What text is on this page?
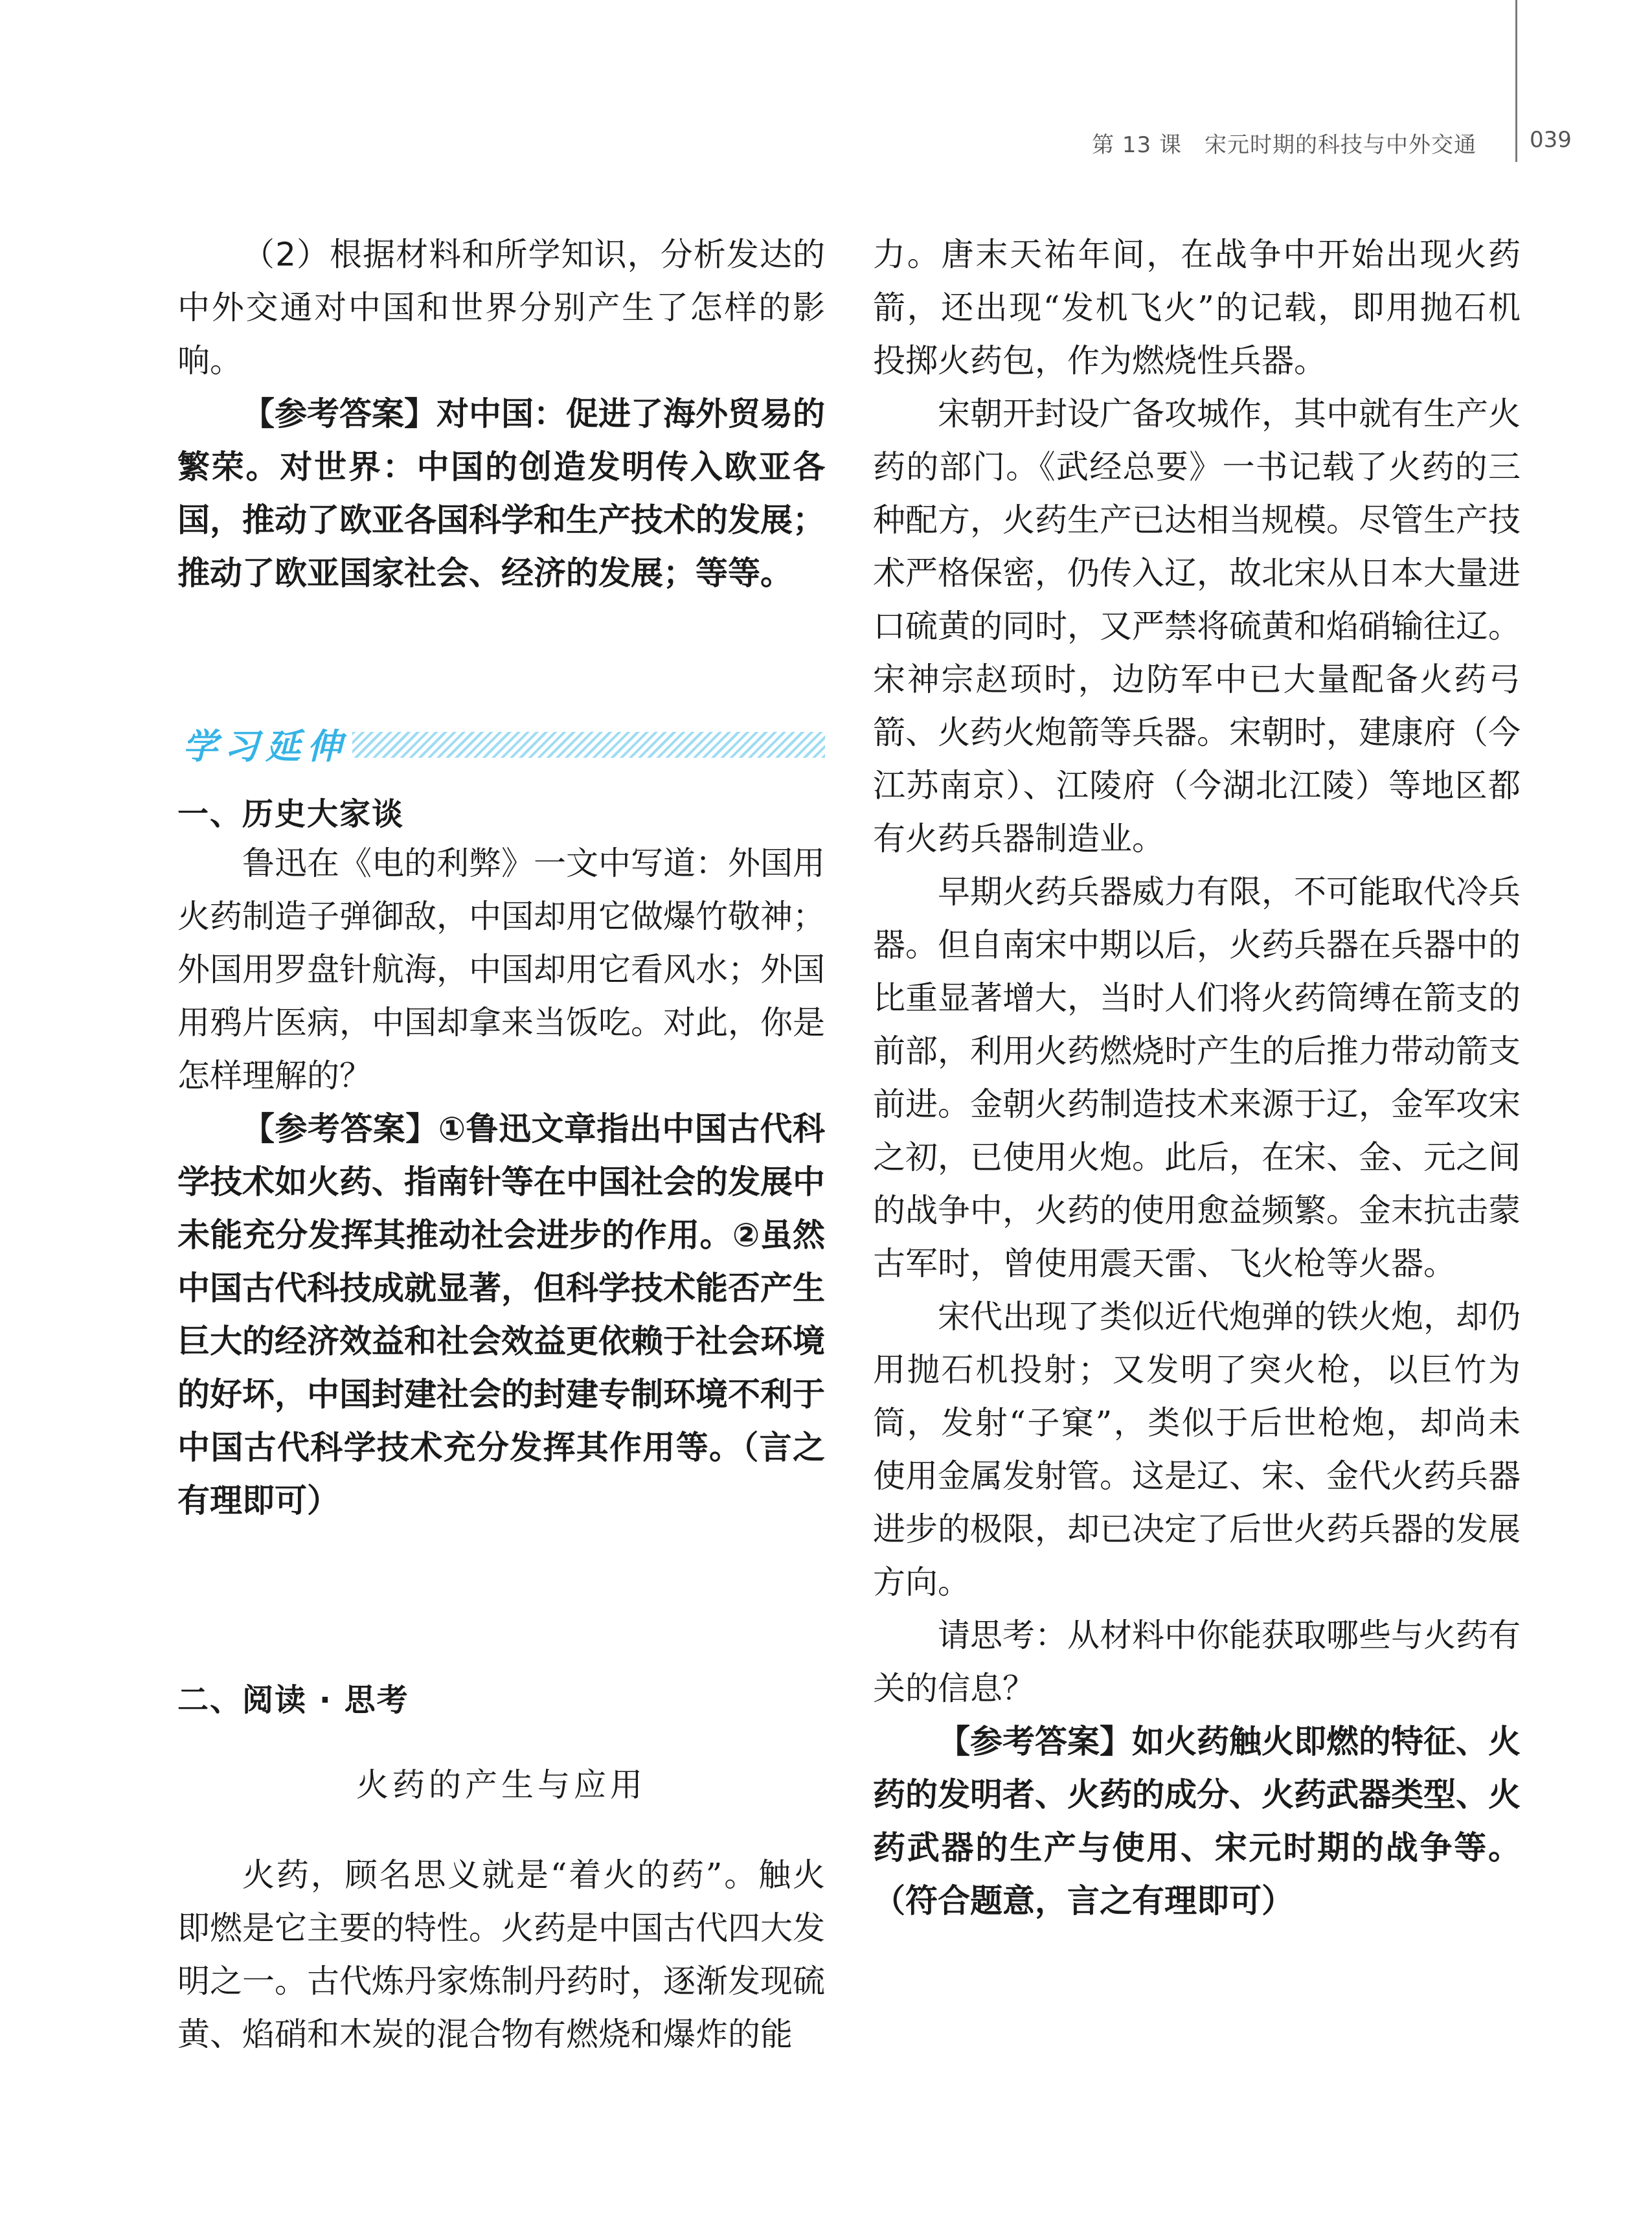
第 13 课　宋元时期的科技与中外交通 039

（2）根据材料和所学知识，分析发达的中外交通对中国和世界分别产生了怎样的影响。

【参考答案】对中国：促进了海外贸易的繁荣。对世界：中国的创造发明传入欧亚各国，推动了欧亚各国科学和生产技术的发展；推动了欧亚国家社会、经济的发展；等等。

学习延伸
一、历史大家谈

鲁迅在《电的利弊》一文中写道：外国用火药制造子弹御敌，中国却用它做爆竹敬神；外国用罗盘针航海，中国却用它看风水；外国用鸦片医病，中国却拿来当饭吃。对此，你是怎样理解的？

【参考答案】①鲁迅文章指出中国古代科学技术如火药、指南针等在中国社会的发展中未能充分发挥其推动社会进步的作用。②虽然中国古代科技成就显著，但科学技术能否产生巨大的经济效益和社会效益更依赖于社会环境的好坏，中国封建社会的封建专制环境不利于中国古代科学技术充分发挥其作用等。（言之有理即可）

二、阅读 · 思考
火药的产生与应用

火药，顾名思义就是“着火的药”。触火即燃是它主要的特性。火药是中国古代四大发明之一。古代炼丹家炼制丹药时，逐渐发现硫黄、焰硝和木炭的混合物有燃烧和爆炸的能

力。唐末天祐年间，在战争中开始出现火药箭，还出现“发机飞火”的记载，即用抛石机投掷火药包，作为燃烧性兵器。

宋朝开封设广备攻城作，其中就有生产火药的部门。《武经总要》一书记载了火药的三种配方，火药生产已达相当规模。尽管生产技术严格保密，仍传入辽，故北宋从日本大量进口硫黄的同时，又严禁将硫黄和焰硝输往辽。宋神宗赵顼时，边防军中已大量配备火药弓箭、火药火炮箭等兵器。宋朝时，建康府（今江苏南京）、江陵府（今湖北江陵）等地区都有火药兵器制造业。

早期火药兵器威力有限，不可能取代冷兵器。但自南宋中期以后，火药兵器在兵器中的比重显著增大，当时人们将火药筒缚在箭支的前部，利用火药燃烧时产生的后推力带动箭支前进。金朝火药制造技术来源于辽，金军攻宋之初，已使用火炮。此后，在宋、金、元之间的战争中，火药的使用愈益频繁。金末抗击蒙古军时，曾使用震天雷、飞火枪等火器。

宋代出现了类似近代炮弹的铁火炮，却仍用抛石机投射；又发明了突火枪，以巨竹为筒，发射“子窠”，类似于后世枪炮，却尚未使用金属发射管。这是辽、宋、金代火药兵器进步的极限，却已决定了后世火药兵器的发展方向。

请思考：从材料中你能获取哪些与火药有关的信息？

【参考答案】如火药触火即燃的特征、火药的发明者、火药的成分、火药武器类型、火药武器的生产与使用、宋元时期的战争等。（符合题意，言之有理即可）
